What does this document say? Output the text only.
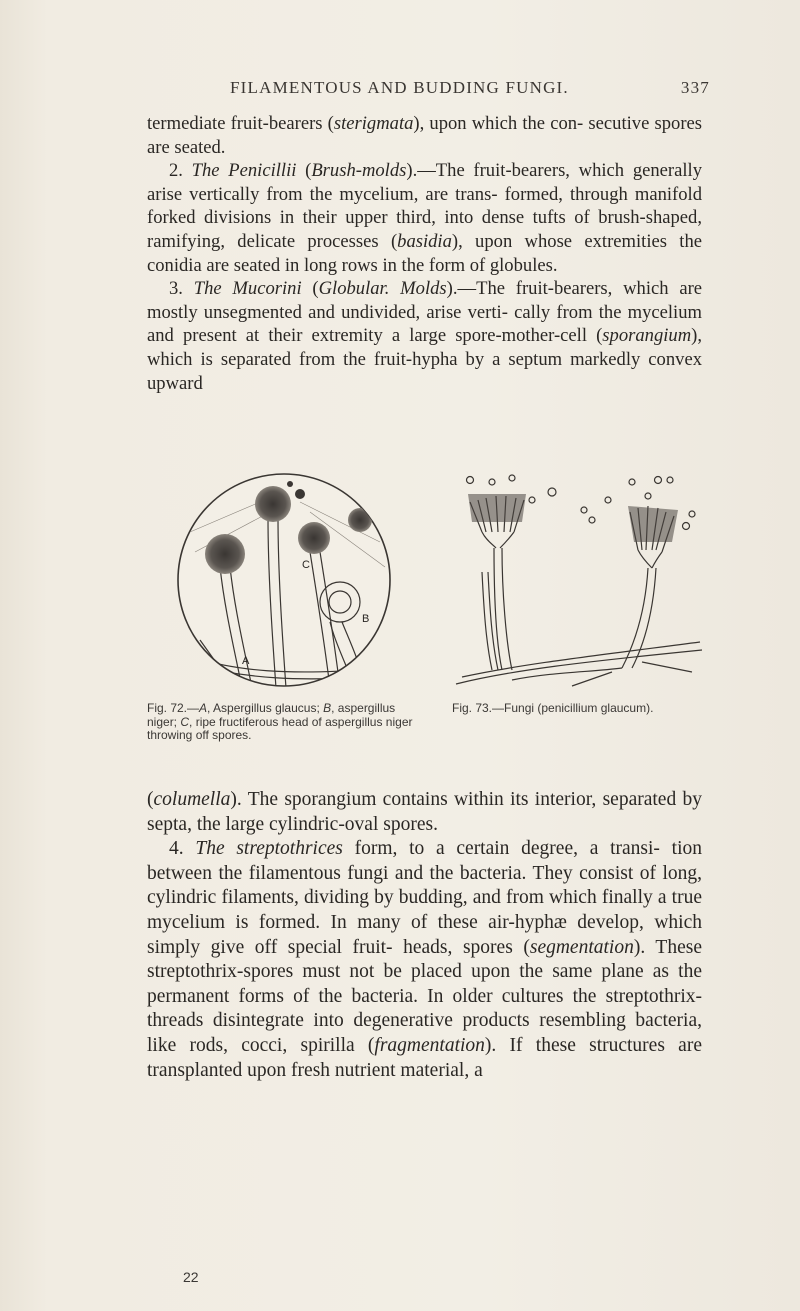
FILAMENTOUS AND BUDDING FUNGI.	337

termediate fruit-bearers (sterigmata), upon which the con- secutive spores are seated.

2. The Penicillii (Brush-molds).—The fruit-bearers, which generally arise vertically from the mycelium, are trans- formed, through manifold forked divisions in their upper third, into dense tufts of brush-shaped, ramifying, delicate processes (basidia), upon whose extremities the conidia are seated in long rows in the form of globules.

3. The Mucorini (Globular. Molds).—The fruit-bearers, which are mostly unsegmented and undivided, arise verti- cally from the mycelium and present at their extremity a large spore-mother-cell (sporangium), which is separated from the fruit-hypha by a septum markedly convex upward

A
B
C
Fig. 72.—A, Aspergillus glaucus; B, aspergillus niger; C, ripe fructiferous head of aspergillus niger throwing off spores.
Fig. 73.—Fungi (penicillium glaucum).

(columella). The sporangium contains within its interior, separated by septa, the large cylindric-oval spores.

4. The streptothrices form, to a certain degree, a transi- tion between the filamentous fungi and the bacteria. They consist of long, cylindric filaments, dividing by budding, and from which finally a true mycelium is formed. In many of these air-hyphæ develop, which simply give off special fruit- heads, spores (segmentation). These streptothrix-spores must not be placed upon the same plane as the permanent forms of the bacteria. In older cultures the streptothrix- threads disintegrate into degenerative products resembling bacteria, like rods, cocci, spirilla (fragmentation). If these structures are transplanted upon fresh nutrient material, a

22
